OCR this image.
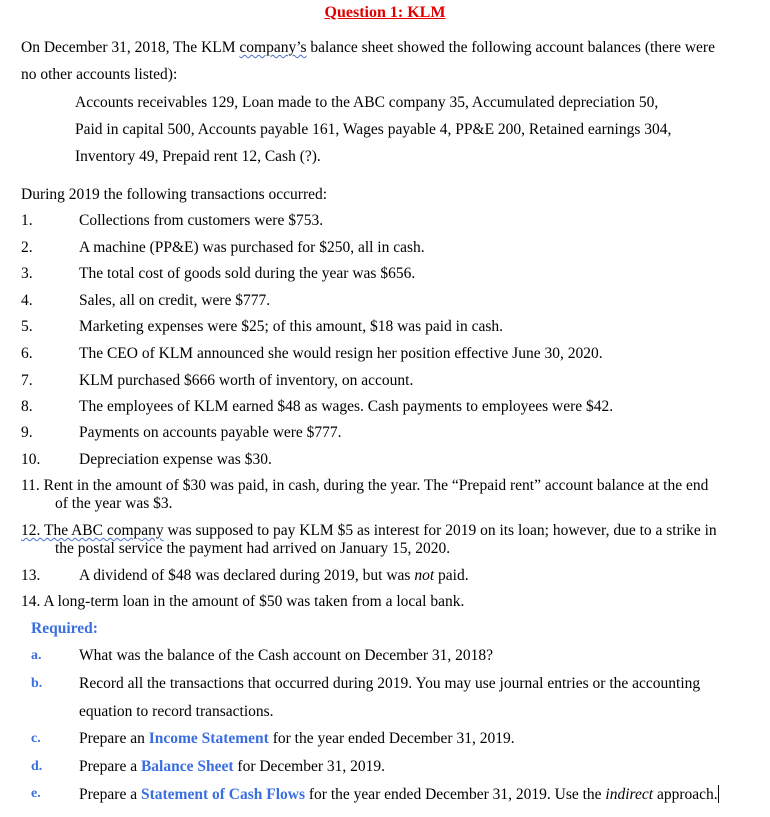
Question 1: KLM
On December 31, 2018, The KLM company’s balance sheet showed the following account balances (there were
no other accounts listed):
Accounts receivables 129, Loan made to the ABC company 35, Accumulated depreciation 50,
Paid in capital 500, Accounts payable 161, Wages payable 4, PP&E 200, Retained earnings 304,
Inventory 49, Prepaid rent 12, Cash (?).
During 2019 the following transactions occurred:
1.	Collections from customers were $753.
2.	A machine (PP&E) was purchased for $250, all in cash.
3.	The total cost of goods sold during the year was $656.
4.	Sales, all on credit, were $777.
5.	Marketing expenses were $25; of this amount, $18 was paid in cash.
6.	The CEO of KLM announced she would resign her position effective June 30, 2020.
7.	KLM purchased $666 worth of inventory, on account.
8.	The employees of KLM earned $48 as wages. Cash payments to employees were $42.
9.	Payments on accounts payable were $777.
10. Depreciation expense was $30.
11. Rent in the amount of $30 was paid, in cash, during the year. The “Prepaid rent” account balance at the end
of the year was $3.
12. The ABC company was supposed to pay KLM $5 as interest for 2019 on its loan; however, due to a strike in
the postal service the payment had arrived on January 15, 2020.
13. A dividend of $48 was declared during 2019, but was not paid.
14. A long-term loan in the amount of $50 was taken from a local bank.
Required:
a. What was the balance of the Cash account on December 31, 2018?
b. Record all the transactions that occurred during 2019. You may use journal entries or the accounting
equation to record transactions.
c. Prepare an Income Statement for the year ended December 31, 2019.
d. Prepare a Balance Sheet for December 31, 2019.
e. Prepare a Statement of Cash Flows for the year ended December 31, 2019. Use the indirect approach.
